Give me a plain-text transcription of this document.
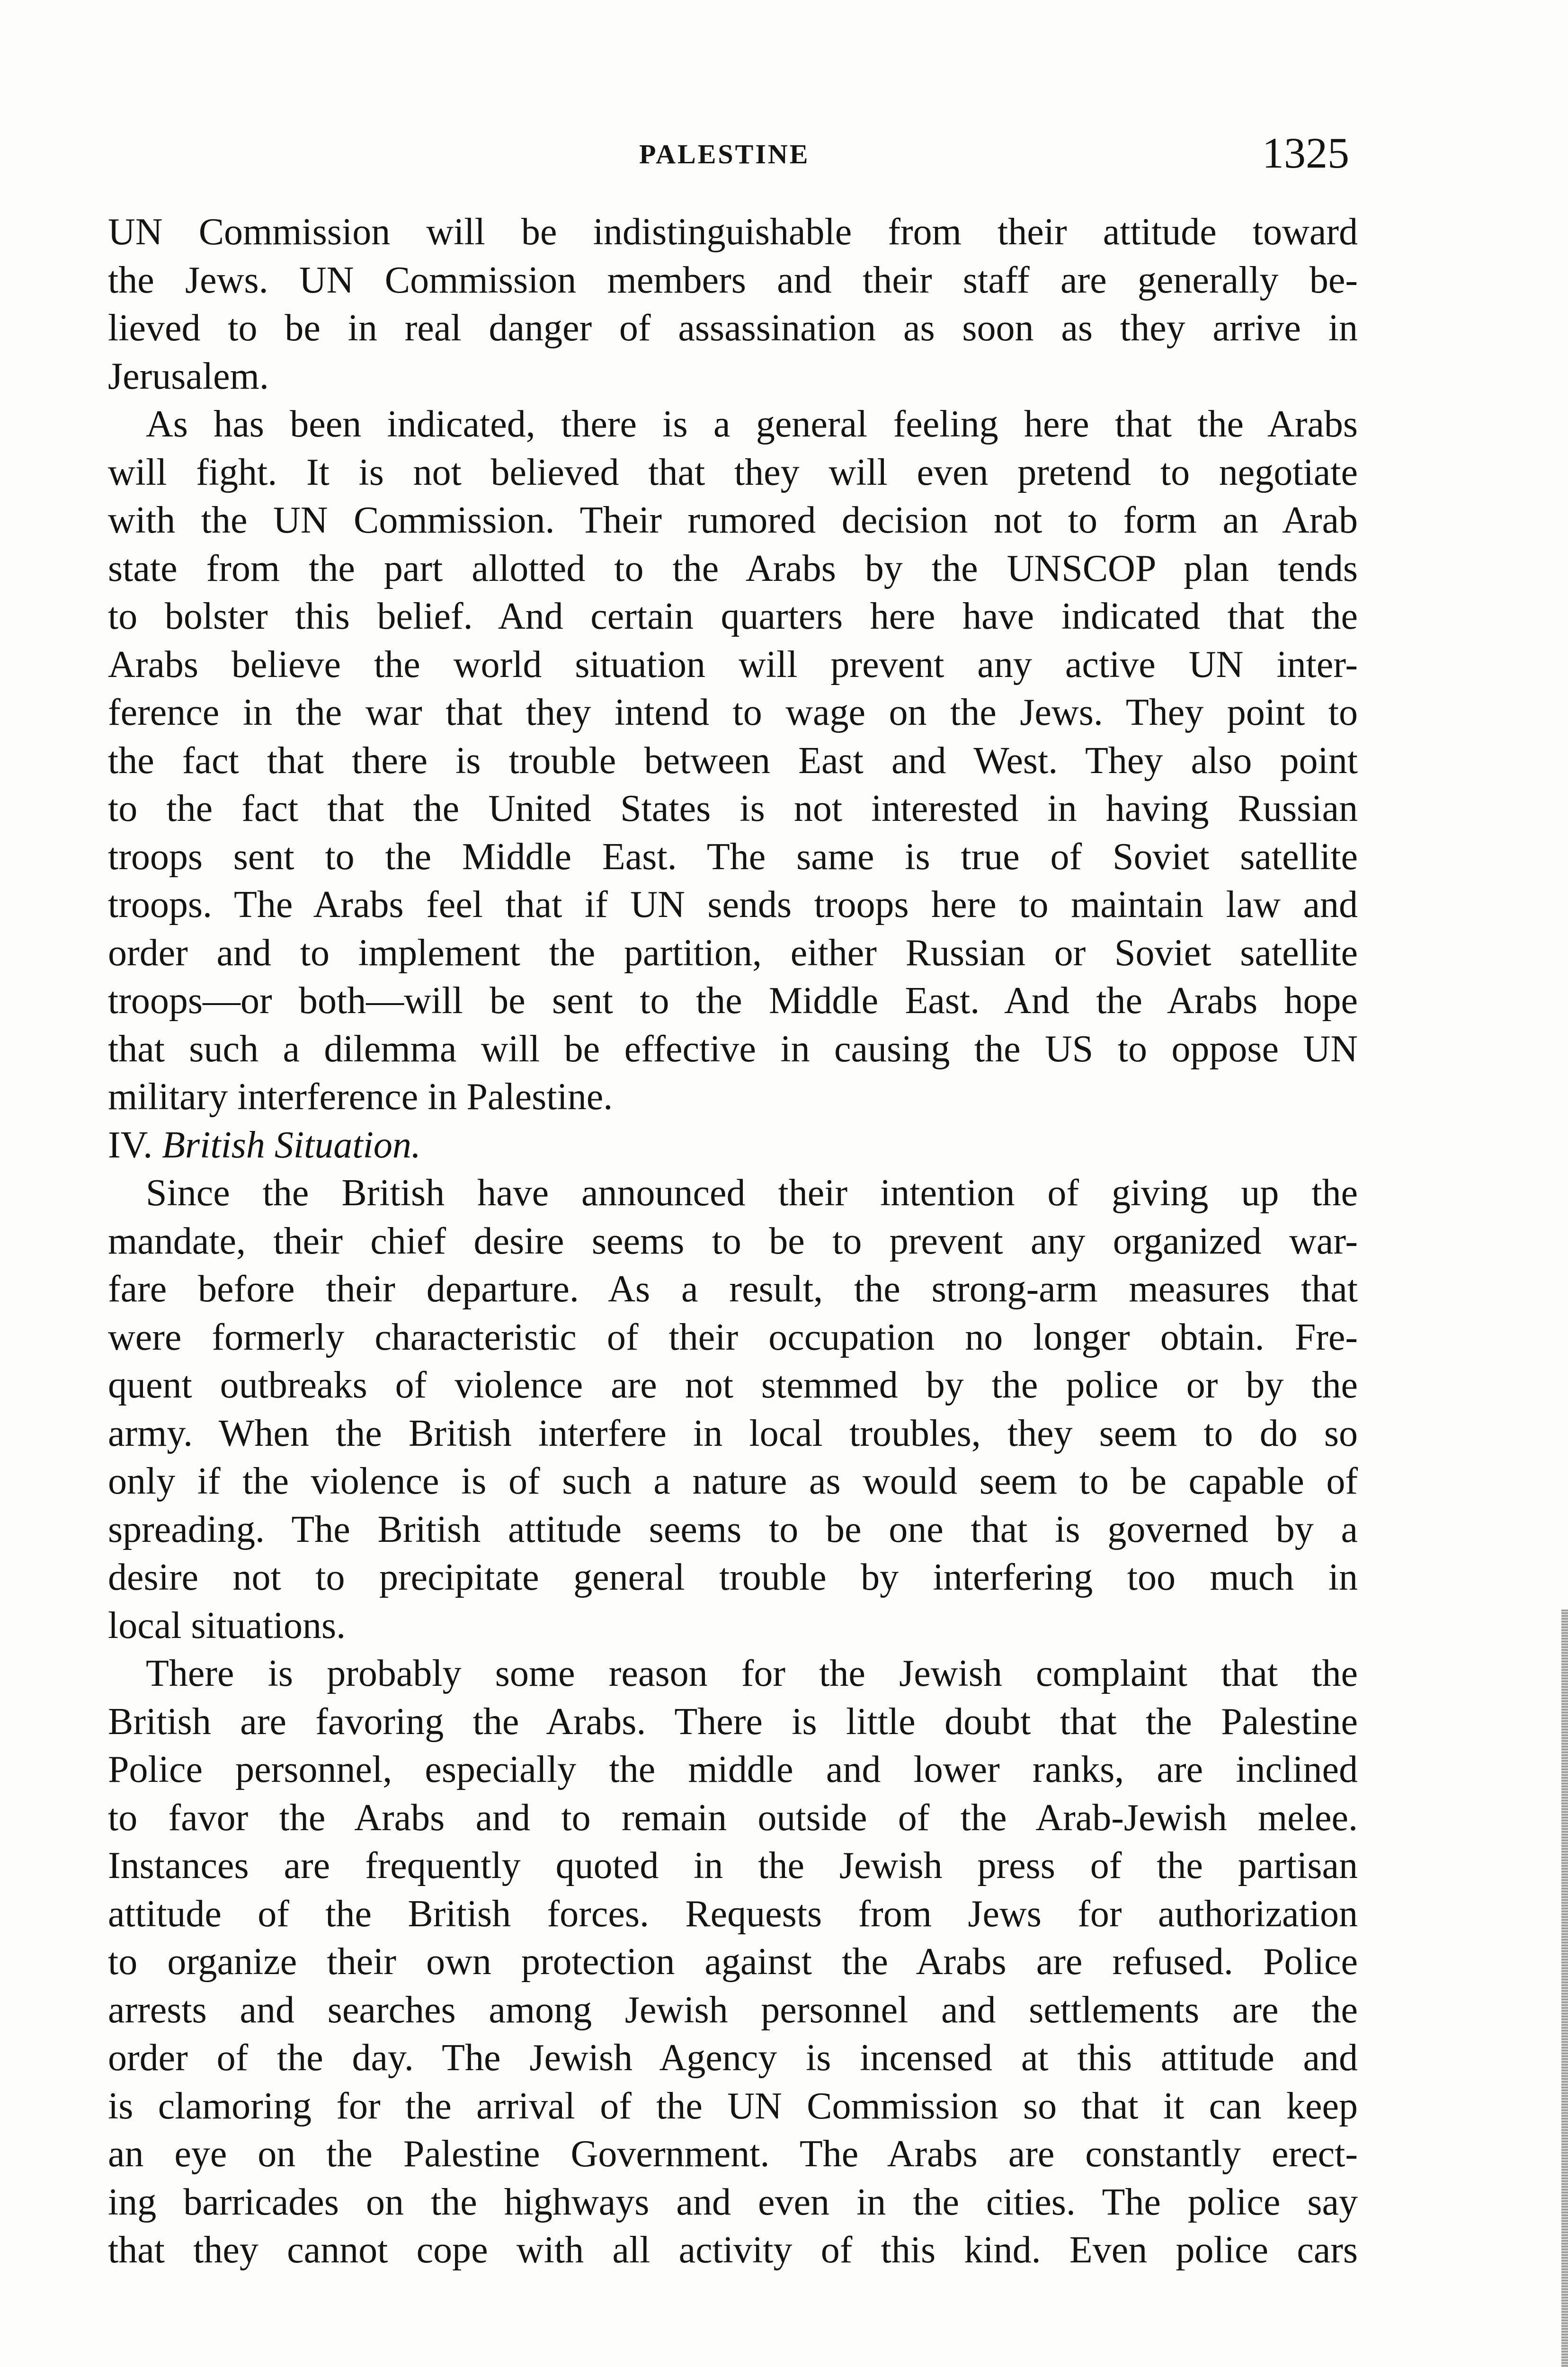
PALESTINE	1325
UN Commission will be indistinguishable from their attitude toward
the Jews. UN Commission members and their staff are generally be-
lieved to be in real danger of assassination as soon as they arrive in
Jerusalem.
As has been indicated, there is a general feeling here that the Arabs
will fight. It is not believed that they will even pretend to negotiate
with the UN Commission. Their rumored decision not to form an Arab
state from the part allotted to the Arabs by the UNSCOP plan tends
to bolster this belief. And certain quarters here have indicated that the
Arabs believe the world situation will prevent any active UN inter-
ference in the war that they intend to wage on the Jews. They point to
the fact that there is trouble between East and West. They also point
to the fact that the United States is not interested in having Russian
troops sent to the Middle East. The same is true of Soviet satellite
troops. The Arabs feel that if UN sends troops here to maintain law and
order and to implement the partition, either Russian or Soviet satellite
troops—or both—will be sent to the Middle East. And the Arabs hope
that such a dilemma will be effective in causing the US to oppose UN
military interference in Palestine.
IV. British Situation.
Since the British have announced their intention of giving up the
mandate, their chief desire seems to be to prevent any organized war-
fare before their departure. As a result, the strong-arm measures that
were formerly characteristic of their occupation no longer obtain. Fre-
quent outbreaks of violence are not stemmed by the police or by the
army. When the British interfere in local troubles, they seem to do so
only if the violence is of such a nature as would seem to be capable of
spreading. The British attitude seems to be one that is governed by a
desire not to precipitate general trouble by interfering too much in
local situations.
There is probably some reason for the Jewish complaint that the
British are favoring the Arabs. There is little doubt that the Palestine
Police personnel, especially the middle and lower ranks, are inclined
to favor the Arabs and to remain outside of the Arab-Jewish melee.
Instances are frequently quoted in the Jewish press of the partisan
attitude of the British forces. Requests from Jews for authorization
to organize their own protection against the Arabs are refused. Police
arrests and searches among Jewish personnel and settlements are the
order of the day. The Jewish Agency is incensed at this attitude and
is clamoring for the arrival of the UN Commission so that it can keep
an eye on the Palestine Government. The Arabs are constantly erect-
ing barricades on the highways and even in the cities. The police say
that they cannot cope with all activity of this kind. Even police cars
